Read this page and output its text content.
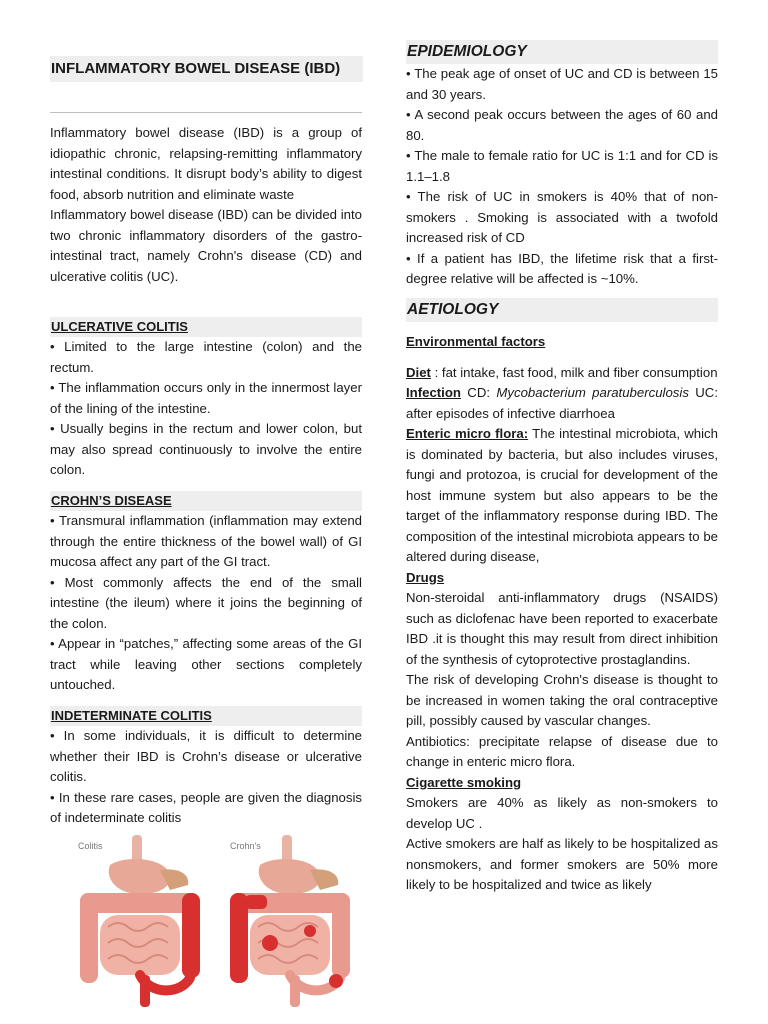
INFLAMMATORY BOWEL DISEASE (IBD)

Inflammatory bowel disease (IBD) is a group of idiopathic chronic, relapsing-remitting inflammatory intestinal conditions. It disrupt body’s ability to digest food, absorb nutrition and eliminate waste

Inflammatory bowel disease (IBD) can be divided into two chronic inflammatory disorders of the gastro-intestinal tract, namely Crohn's disease (CD) and ulcerative colitis (UC).

ULCERATIVE COLITIS

• Limited to the large intestine (colon) and the rectum.

• The inflammation occurs only in the innermost layer of the lining of the intestine.

• Usually begins in the rectum and lower colon, but may also spread continuously to involve the entire colon.

CROHN’S DISEASE

• Transmural inflammation (inflammation may extend through the entire thickness of the bowel wall) of GI mucosa affect any part of the GI tract.

• Most commonly affects the end of the small intestine (the ileum) where it joins the beginning of the colon.

• Appear in “patches,” affecting some areas of the GI tract while leaving other sections completely untouched.

INDETERMINATE COLITIS

• In some individuals, it is difficult to determine whether their IBD is Crohn’s disease or ulcerative colitis.

• In these rare cases, people are given the diagnosis of indeterminate colitis

Colitis	Crohn's
EPIDEMIOLOGY

• The peak age of onset of UC and CD is between 15 and 30 years.

• A second peak occurs between the ages of 60 and 80.

• The male to female ratio for UC is 1:1 and for CD is 1.1–1.8

• The risk of UC in smokers is 40% that of non-smokers . Smoking is associated with a twofold increased risk of CD

• If a patient has IBD, the lifetime risk that a first-degree relative will be affected is ~10%.

AETIOLOGY
Environmental factors

Diet : fat intake, fast food, milk and fiber consumption

Infection CD: Mycobacterium paratuberculosis UC: after episodes of infective diarrhoea

Enteric micro flora: The intestinal microbiota, which is dominated by bacteria, but also includes viruses, fungi and protozoa, is crucial for development of the host immune system but also appears to be the target of the inflammatory response during IBD. The composition of the intestinal microbiota appears to be altered during disease,

Drugs

Non-steroidal anti-inflammatory drugs (NSAIDS) such as diclofenac have been reported to exacerbate IBD .it is thought this may result from direct inhibition of the synthesis of cytoprotective prostaglandins.

The risk of developing Crohn's disease is thought to be increased in women taking the oral contraceptive pill, possibly caused by vascular changes.

Antibiotics: precipitate relapse of disease due to change in enteric micro flora.

Cigarette smoking

Smokers are 40% as likely as non-smokers to develop UC .

Active smokers are half as likely to be hospitalized as nonsmokers, and former smokers are 50% more likely to be hospitalized and twice as likely
